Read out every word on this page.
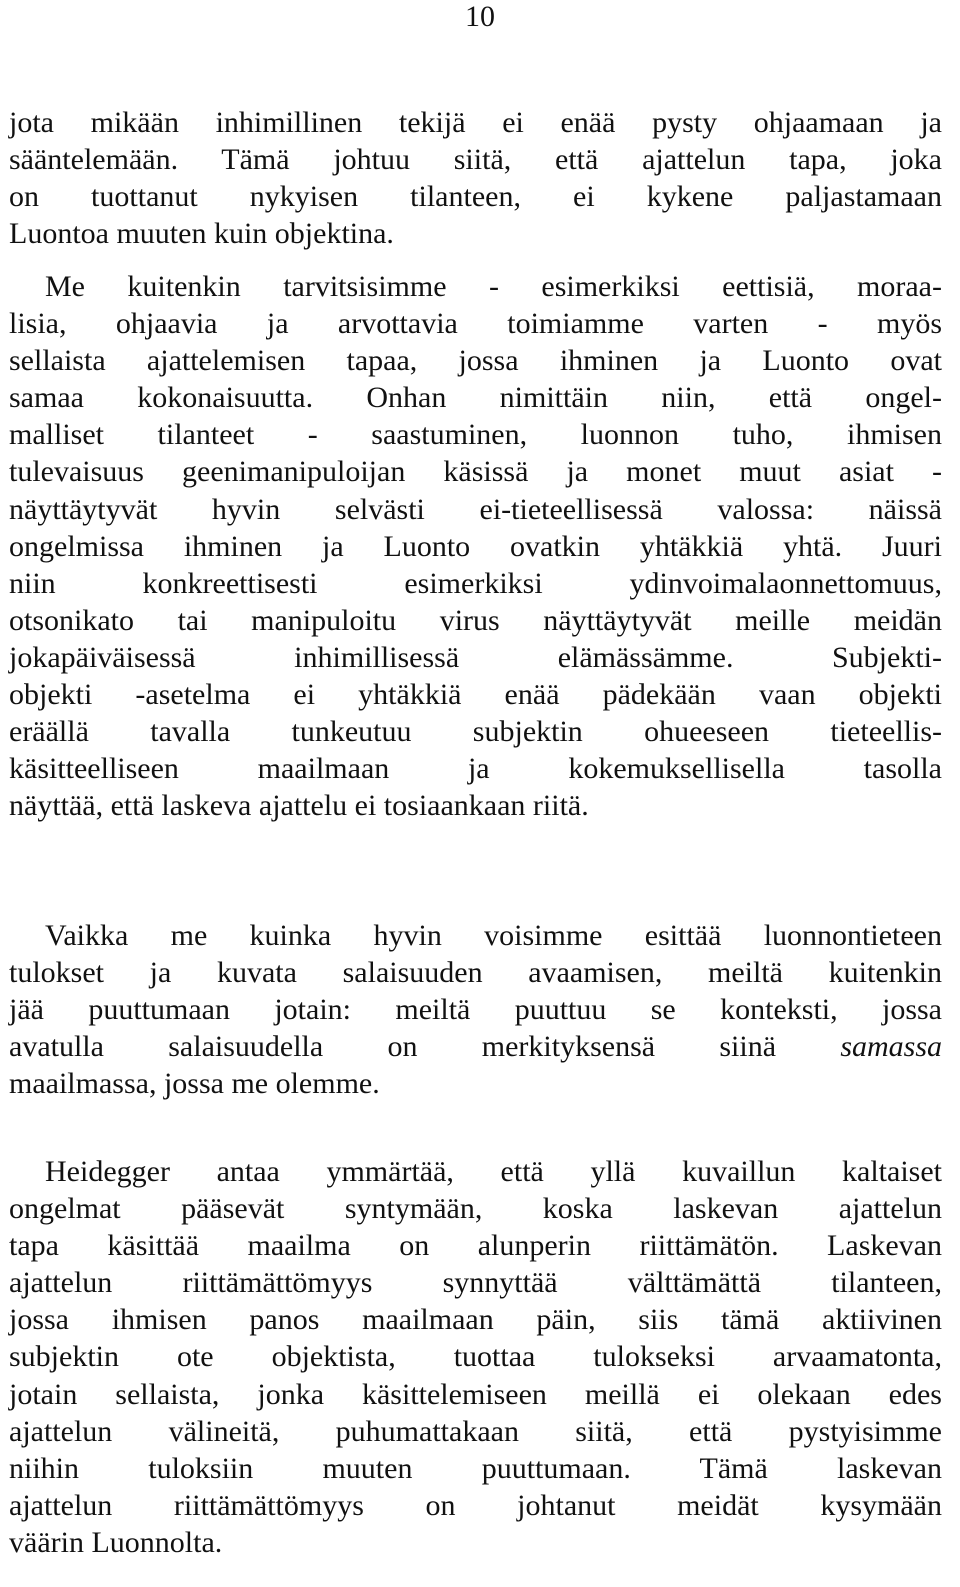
10
jota mikään inhimillinen tekijä ei enää pysty ohjaamaan ja
sääntelemään. Tämä johtuu siitä, että ajattelun tapa, joka
on tuottanut nykyisen tilanteen, ei kykene paljastamaan
Luontoa muuten kuin objektina.
Me kuitenkin tarvitsisimme - esimerkiksi eettisiä, moraa-
lisia, ohjaavia ja arvottavia toimiamme varten - myös
sellaista ajattelemisen tapaa, jossa ihminen ja Luonto ovat
samaa kokonaisuutta. Onhan nimittäin niin, että ongel-
malliset tilanteet - saastuminen, luonnon tuho, ihmisen
tulevaisuus geenimanipuloijan käsissä ja monet muut asiat -
näyttäytyvät hyvin selvästi ei-tieteellisessä valossa: näissä
ongelmissa ihminen ja Luonto ovatkin yhtäkkiä yhtä. Juuri
niin konkreettisesti esimerkiksi ydinvoimalaonnettomuus,
otsonikato tai manipuloitu virus näyttäytyvät meille meidän
jokapäiväisessä inhimillisessä elämässämme. Subjekti-
objekti -asetelma ei yhtäkkiä enää pädekään vaan objekti
eräällä tavalla tunkeutuu subjektin ohueeseen tieteellis-
käsitteelliseen maailmaan ja kokemuksellisella tasolla
näyttää, että laskeva ajattelu ei tosiaankaan riitä.
Vaikka me kuinka hyvin voisimme esittää luonnontieteen
tulokset ja kuvata salaisuuden avaamisen, meiltä kuitenkin
jää puuttumaan jotain: meiltä puuttuu se konteksti, jossa
avatulla salaisuudella on merkityksensä siinä samassa
maailmassa, jossa me olemme.
Heidegger antaa ymmärtää, että yllä kuvaillun kaltaiset
ongelmat pääsevät syntymään, koska laskevan ajattelun
tapa käsittää maailma on alunperin riittämätön. Laskevan
ajattelun riittämättömyys synnyttää välttämättä tilanteen,
jossa ihmisen panos maailmaan päin, siis tämä aktiivinen
subjektin ote objektista, tuottaa tulokseksi arvaamatonta,
jotain sellaista, jonka käsittelemiseen meillä ei olekaan edes
ajattelun välineitä, puhumattakaan siitä, että pystyisimme
niihin tuloksiin muuten puuttumaan. Tämä laskevan
ajattelun riittämättömyys on johtanut meidät kysymään
väärin Luonnolta.
